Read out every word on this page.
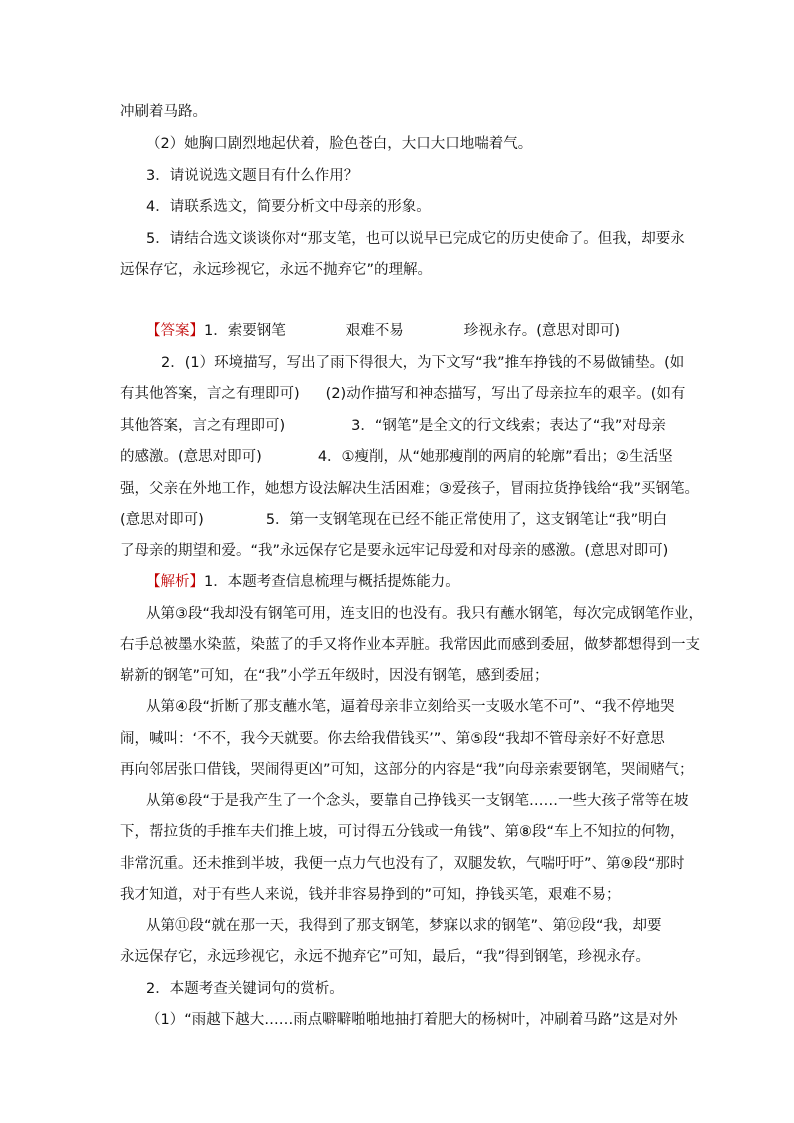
冲刷着马路。
（2）她胸口剧烈地起伏着，脸色苍白，大口大口地喘着气。
3．请说说选文题目有什么作用？
4．请联系选文，简要分析文中母亲的形象。
5．请结合选文谈谈你对“那支笔，也可以说早已完成它的历史使命了。但我，却要永
远保存它，永远珍视它，永远不抛弃它”的理解。
【答案】1．索要钢笔	艰难不易	珍视永存。(意思对即可)
2．(1）环境描写，写出了雨下得很大，为下文写“我”推车挣钱的不易做铺垫。(如
有其他答案，言之有理即可) (2)动作描写和神态描写，写出了母亲拉车的艰辛。(如有
其他答案，言之有理即可)	3．“钢笔”是全文的行文线索；表达了“我”对母亲
的感激。(意思对即可)	4．①瘦削，从“她那瘦削的两肩的轮廓”看出；②生活坚
强，父亲在外地工作，她想方设法解决生活困难；③爱孩子，冒雨拉货挣钱给“我”买钢笔。
(意思对即可)	5．第一支钢笔现在已经不能正常使用了，这支钢笔让“我”明白
了母亲的期望和爱。“我”永远保存它是要永远牢记母爱和对母亲的感激。(意思对即可)
【解析】1．本题考查信息梳理与概括提炼能力。
从第③段“我却没有钢笔可用，连支旧的也没有。我只有蘸水钢笔，每次完成钢笔作业，
右手总被墨水染蓝，染蓝了的手又将作业本弄脏。我常因此而感到委屈，做梦都想得到一支
崭新的钢笔”可知，在“我”小学五年级时，因没有钢笔，感到委屈；
从第④段“折断了那支蘸水笔，逼着母亲非立刻给买一支吸水笔不可”、“我不停地哭
闹，喊叫：‘不不，我今天就要。你去给我借钱买’”、第⑤段“我却不管母亲好不好意思
再向邻居张口借钱，哭闹得更凶”可知，这部分的内容是“我”向母亲索要钢笔，哭闹赌气；
从第⑥段“于是我产生了一个念头，要靠自己挣钱买一支钢笔……一些大孩子常等在坡
下，帮拉货的手推车夫们推上坡，可讨得五分钱或一角钱”、第⑧段“车上不知拉的何物，
非常沉重。还未推到半坡，我便一点力气也没有了，双腿发软，气喘吁吁”、第⑨段“那时
我才知道，对于有些人来说，钱并非容易挣到的”可知，挣钱买笔，艰难不易；
从第⑪段“就在那一天，我得到了那支钢笔，梦寐以求的钢笔”、第⑫段“我，却要
永远保存它，永远珍视它，永远不抛弃它”可知，最后，“我”得到钢笔，珍视永存。
2．本题考查关键词句的赏析。
（1）“雨越下越大……雨点噼噼啪啪地抽打着肥大的杨树叶，冲刷着马路”这是对外
